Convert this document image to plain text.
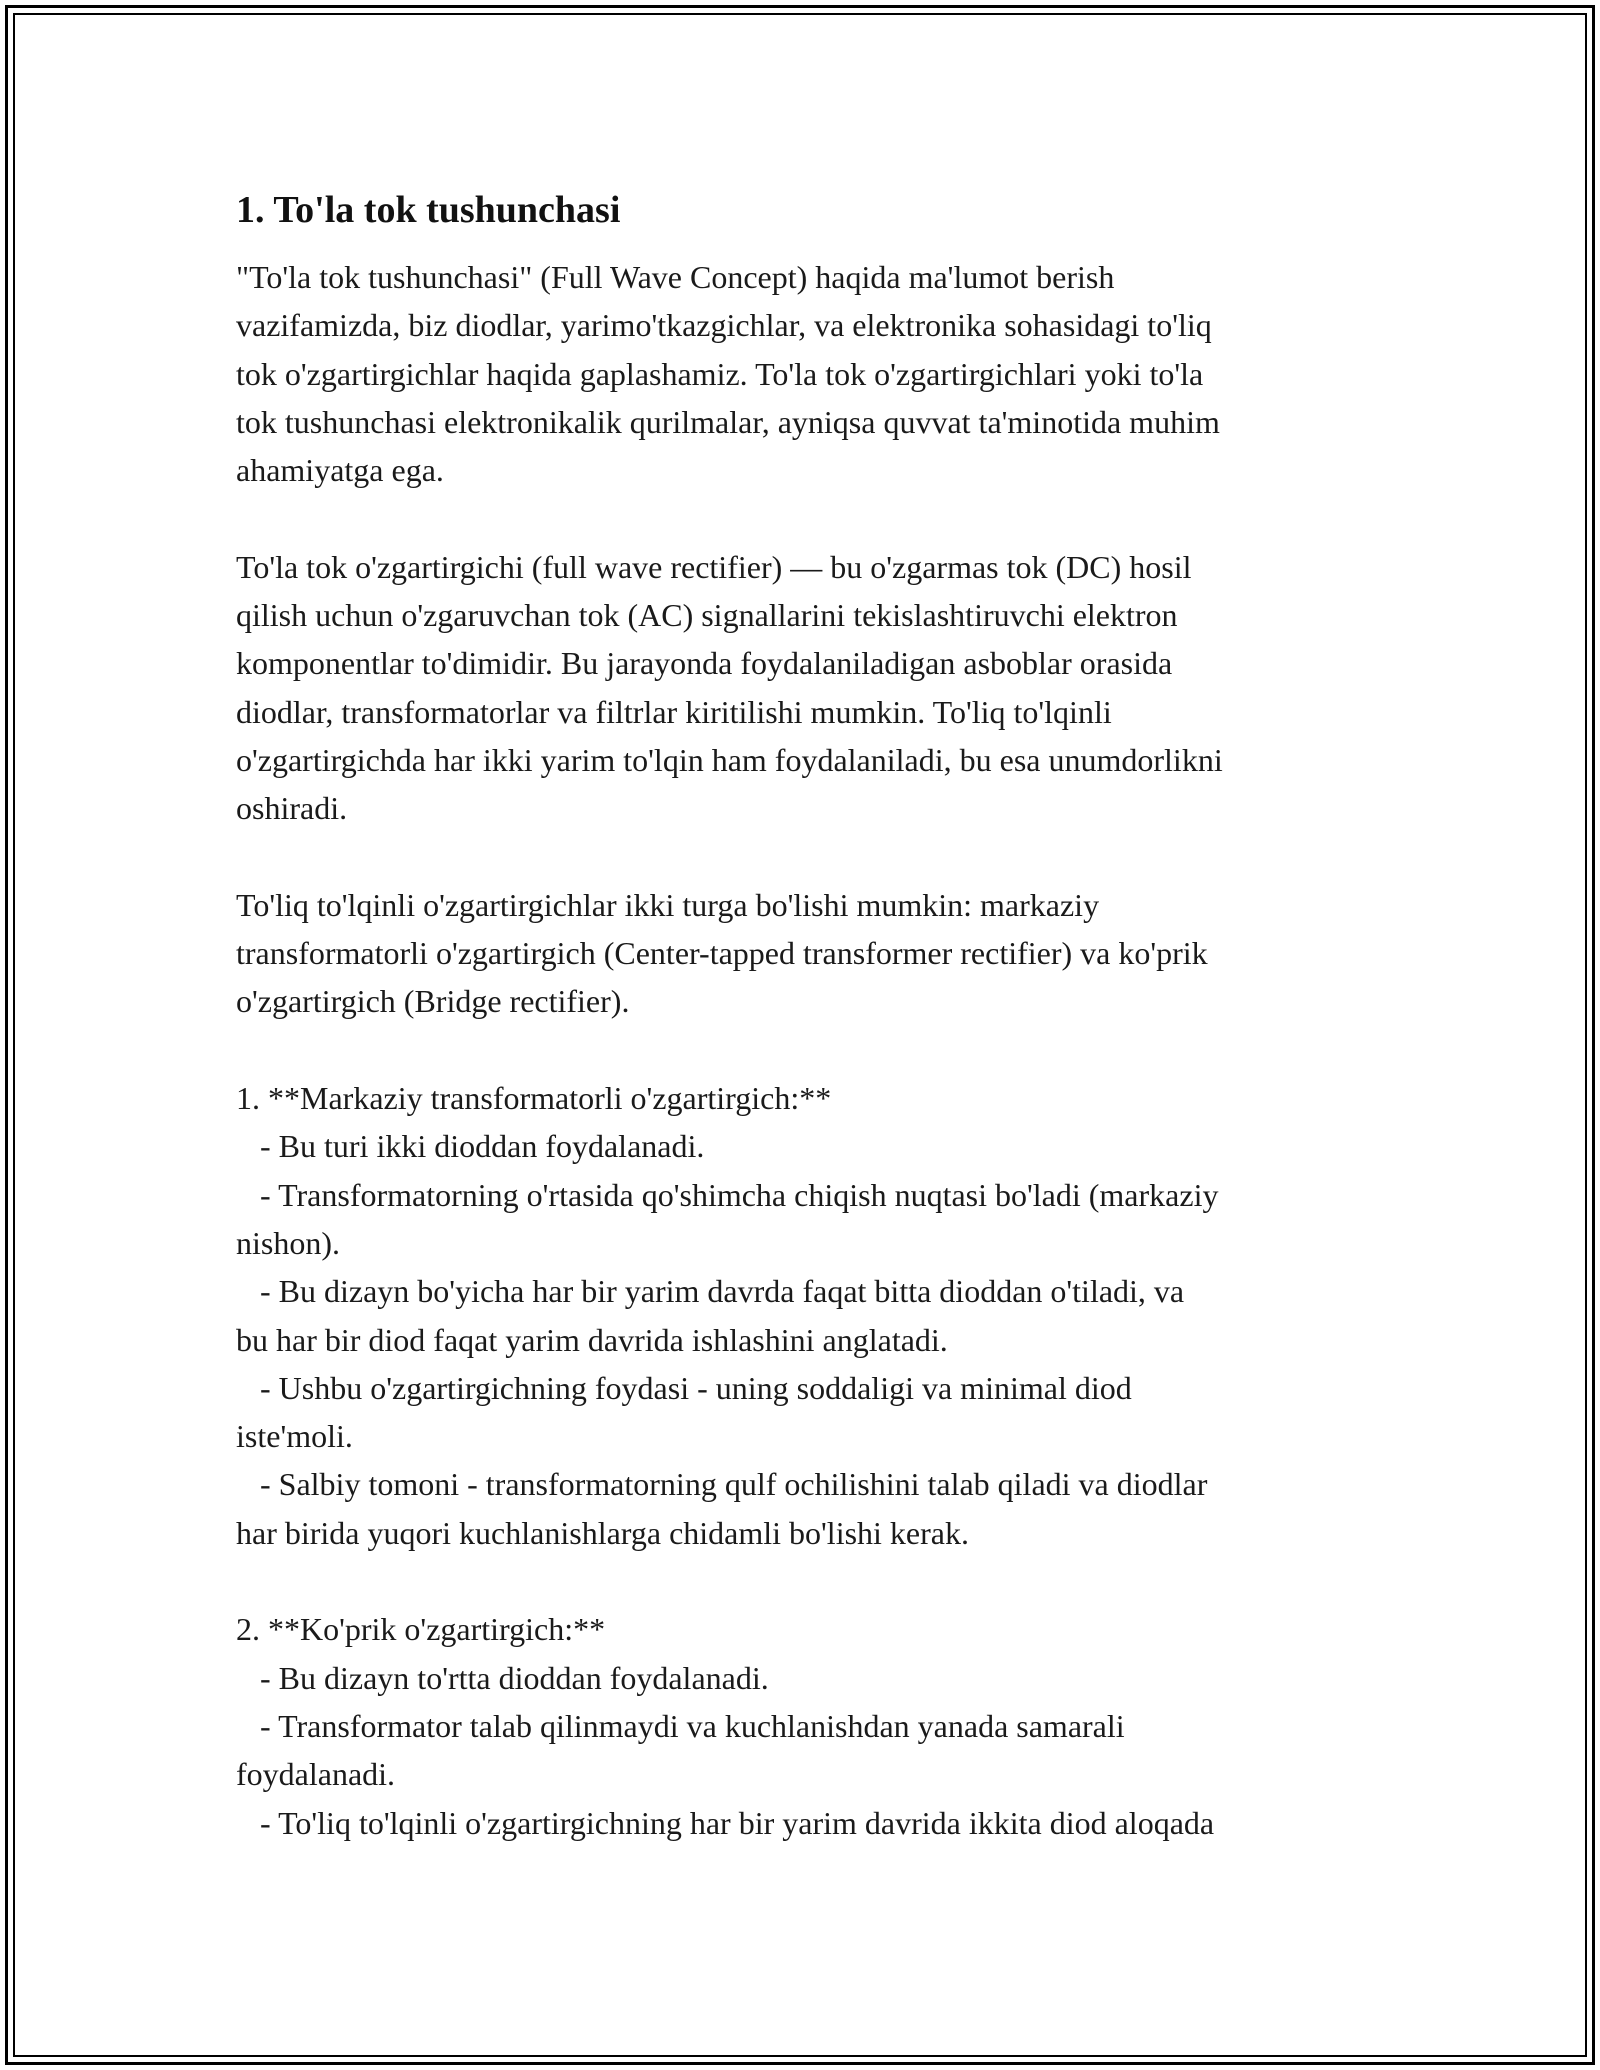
1. To'la tok tushunchasi

"To'la tok tushunchasi" (Full Wave Concept) haqida ma'lumot berish
vazifamizda, biz diodlar, yarimo'tkazgichlar, va elektronika sohasidagi to'liq
tok o'zgartirgichlar haqida gaplashamiz. To'la tok o'zgartirgichlari yoki to'la
tok tushunchasi elektronikalik qurilmalar, ayniqsa quvvat ta'minotida muhim
ahamiyatga ega.

To'la tok o'zgartirgichi (full wave rectifier) — bu o'zgarmas tok (DC) hosil
qilish uchun o'zgaruvchan tok (AC) signallarini tekislashtiruvchi elektron
komponentlar to'dimidir. Bu jarayonda foydalaniladigan asboblar orasida
diodlar, transformatorlar va filtrlar kiritilishi mumkin. To'liq to'lqinli
o'zgartirgichda har ikki yarim to'lqin ham foydalaniladi, bu esa unumdorlikni
oshiradi.

To'liq to'lqinli o'zgartirgichlar ikki turga bo'lishi mumkin: markaziy
transformatorli o'zgartirgich (Center-tapped transformer rectifier) va ko'prik
o'zgartirgich (Bridge rectifier).

1. **Markaziy transformatorli o'zgartirgich:**
- Bu turi ikki dioddan foydalanadi.
- Transformatorning o'rtasida qo'shimcha chiqish nuqtasi bo'ladi (markaziy
nishon).
- Bu dizayn bo'yicha har bir yarim davrda faqat bitta dioddan o'tiladi, va
bu har bir diod faqat yarim davrida ishlashini anglatadi.
- Ushbu o'zgartirgichning foydasi - uning soddaligi va minimal diod
iste'moli.
- Salbiy tomoni - transformatorning qulf ochilishini talab qiladi va diodlar
har birida yuqori kuchlanishlarga chidamli bo'lishi kerak.

2. **Ko'prik o'zgartirgich:**
- Bu dizayn to'rtta dioddan foydalanadi.
- Transformator talab qilinmaydi va kuchlanishdan yanada samarali
foydalanadi.
- To'liq to'lqinli o'zgartirgichning har bir yarim davrida ikkita diod aloqada
